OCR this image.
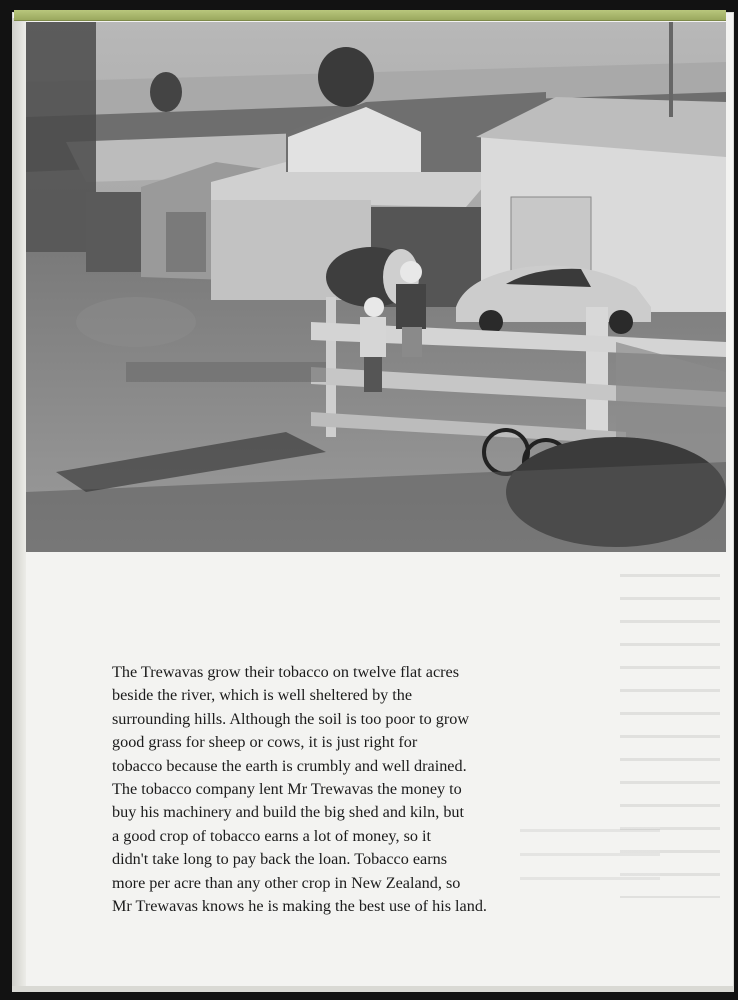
The Trewavas grow their tobacco on twelve flat acres
beside the river, which is well sheltered by the
surrounding hills. Although the soil is too poor to grow
good grass for sheep or cows, it is just right for
tobacco because the earth is crumbly and well drained.
The tobacco company lent Mr Trewavas the money to
buy his machinery and build the big shed and kiln, but
a good crop of tobacco earns a lot of money, so it
didn't take long to pay back the loan. Tobacco earns
more per acre than any other crop in New Zealand, so
Mr Trewavas knows he is making the best use of his land.
